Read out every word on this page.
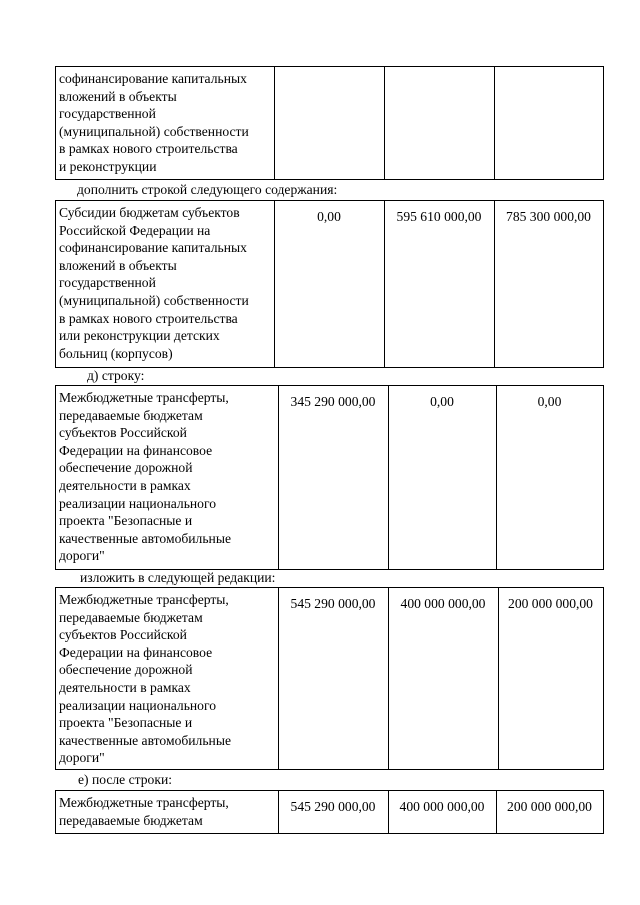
софинансирование капитальных
вложений в объекты
государственной
(муниципальной) собственности
в рамках нового строительства
и реконструкции
дополнить строкой следующего содержания:
Субсидии бюджетам субъектов
Российской Федерации на
софинансирование капитальных
вложений в объекты
государственной
(муниципальной) собственности
в рамках нового строительства
или реконструкции детских
больниц (корпусов)
0,00	595 610 000,00	785 300 000,00
д) строку:
Межбюджетные трансферты,
передаваемые бюджетам
субъектов Российской
Федерации на финансовое
обеспечение дорожной
деятельности в рамках
реализации национального
проекта "Безопасные и
качественные автомобильные
дороги"
345 290 000,00	0,00	0,00
изложить в следующей редакции:
Межбюджетные трансферты,
передаваемые бюджетам
субъектов Российской
Федерации на финансовое
обеспечение дорожной
деятельности в рамках
реализации национального
проекта "Безопасные и
качественные автомобильные
дороги"
545 290 000,00	400 000 000,00	200 000 000,00
е) после строки:
Межбюджетные трансферты,
передаваемые бюджетам
545 290 000,00	400 000 000,00	200 000 000,00
